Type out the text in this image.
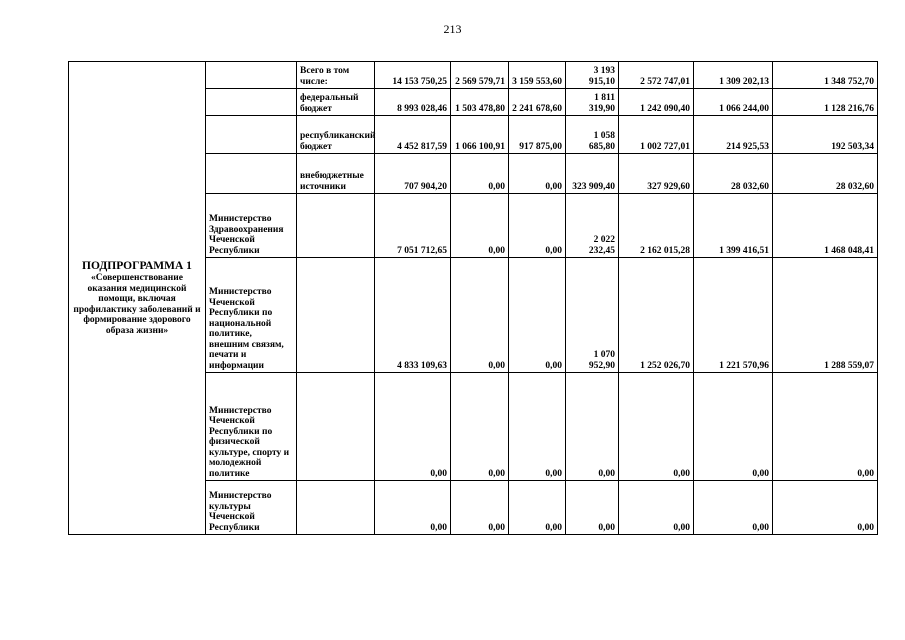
213
ПОДПРОГРАММА 1
«Совершенствование оказания медицинской помощи, включая профилактику заболеваний и формирование здорового образа жизни»		Всего в том числе:	14 153 750,25	2 569 579,71	3 159 553,60	3 193 915,10	2 572 747,01	1 309 202,13	1 348 752,70
		федеральный бюджет	8 993 028,46	1 503 478,80	2 241 678,60	1 811 319,90	1 242 090,40	1 066 244,00	1 128 216,76
		республиканский бюджет	4 452 817,59	1 066 100,91	917 875,00	1 058 685,80	1 002 727,01	214 925,53	192 503,34
		внебюджетные источники	707 904,20	0,00	0,00	323 909,40	327 929,60	28 032,60	28 032,60
	Министерство Здравоохранения Чеченской Республики		7 051 712,65	0,00	0,00	2 022 232,45	2 162 015,28	1 399 416,51	1 468 048,41
	Министерство Чеченской Республики по национальной политике, внешним связям, печати и информации		4 833 109,63	0,00	0,00	1 070 952,90	1 252 026,70	1 221 570,96	1 288 559,07
	Министерство Чеченской Республики по физической культуре, спорту и молодежной политике		0,00	0,00	0,00	0,00	0,00	0,00	0,00
	Министерство культуры Чеченской Республики		0,00	0,00	0,00	0,00	0,00	0,00	0,00
